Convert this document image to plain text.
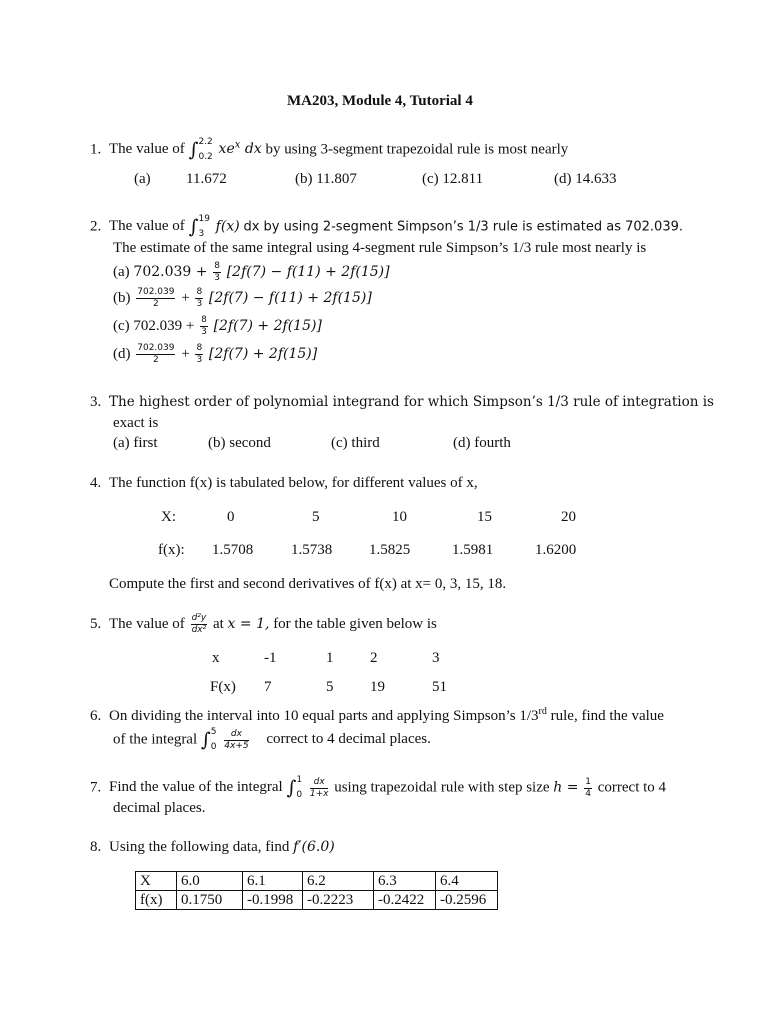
MA203, Module 4, Tutorial 4
1. The value of ∫ 2.2
0.2 $xe^x$ dx by using 3-segment trapezoidal rule is most nearly
(a) 11.672	(b) 11.807	(c) 12.811	(d) 14.633
2. The value of ∫ 19
3 f(x) dx by using 2-segment Simpson’s 1/3 rule is estimated as 702.039.
The estimate of the same integral using 4-segment rule Simpson’s 1/3 rule most nearly is
(a) $702.039 + \frac{8}{3} [2f(7) - f(11) + 2f(15)]$
$(b) \frac{702.039}{2} + \frac{8}{3} [2f(7) - f(11) + 2f(15)]$
(c) $702.039 + \frac{8}{3} [2f(7) + 2f(15)]$
$(d) \frac{702.039}{2} + \frac{8}{3} [2f(7) + 2f(15)]$
3. The highest order of polynomial integrand for which Simpson’s 1/3 rule of integration is
exact is
(a) first	(b) second	(c) third	(d) fourth
4. The function f(x) is tabulated below, for different values of x,
X:	0	5	10	15	20
f(x): 1.5708	1.5738 1.5825	1.5981	1.6200
Compute the first and second derivatives of f(x) at x= 0, 3, 15, 18.
5. The value of $\frac{\text{d²y}}{\text{dx²}}$ at x = 1, for the table given below is
x	-1	1 2	3
F(x) 7	5 19	51
6. On dividing the interval into 10 equal parts and applying Simpson’s 1/3rd rule, find the value
of the integral ∫ 5
0
$\frac{dx}{4x+5}$ correct to 4 decimal places.
7. Find the value of the integral ∫ 1
0
$\frac{dx}{1+x}$ using trapezoidal rule with step size $h = \frac{1}{4}$ correct to 4
decimal places.
8. Using the following data, find f′(6.0)
X	6.0	6.1	6.2	6.3	6.4
f(x)	0.1750	-0.1998	-0.2223	-0.2422	-0.2596
